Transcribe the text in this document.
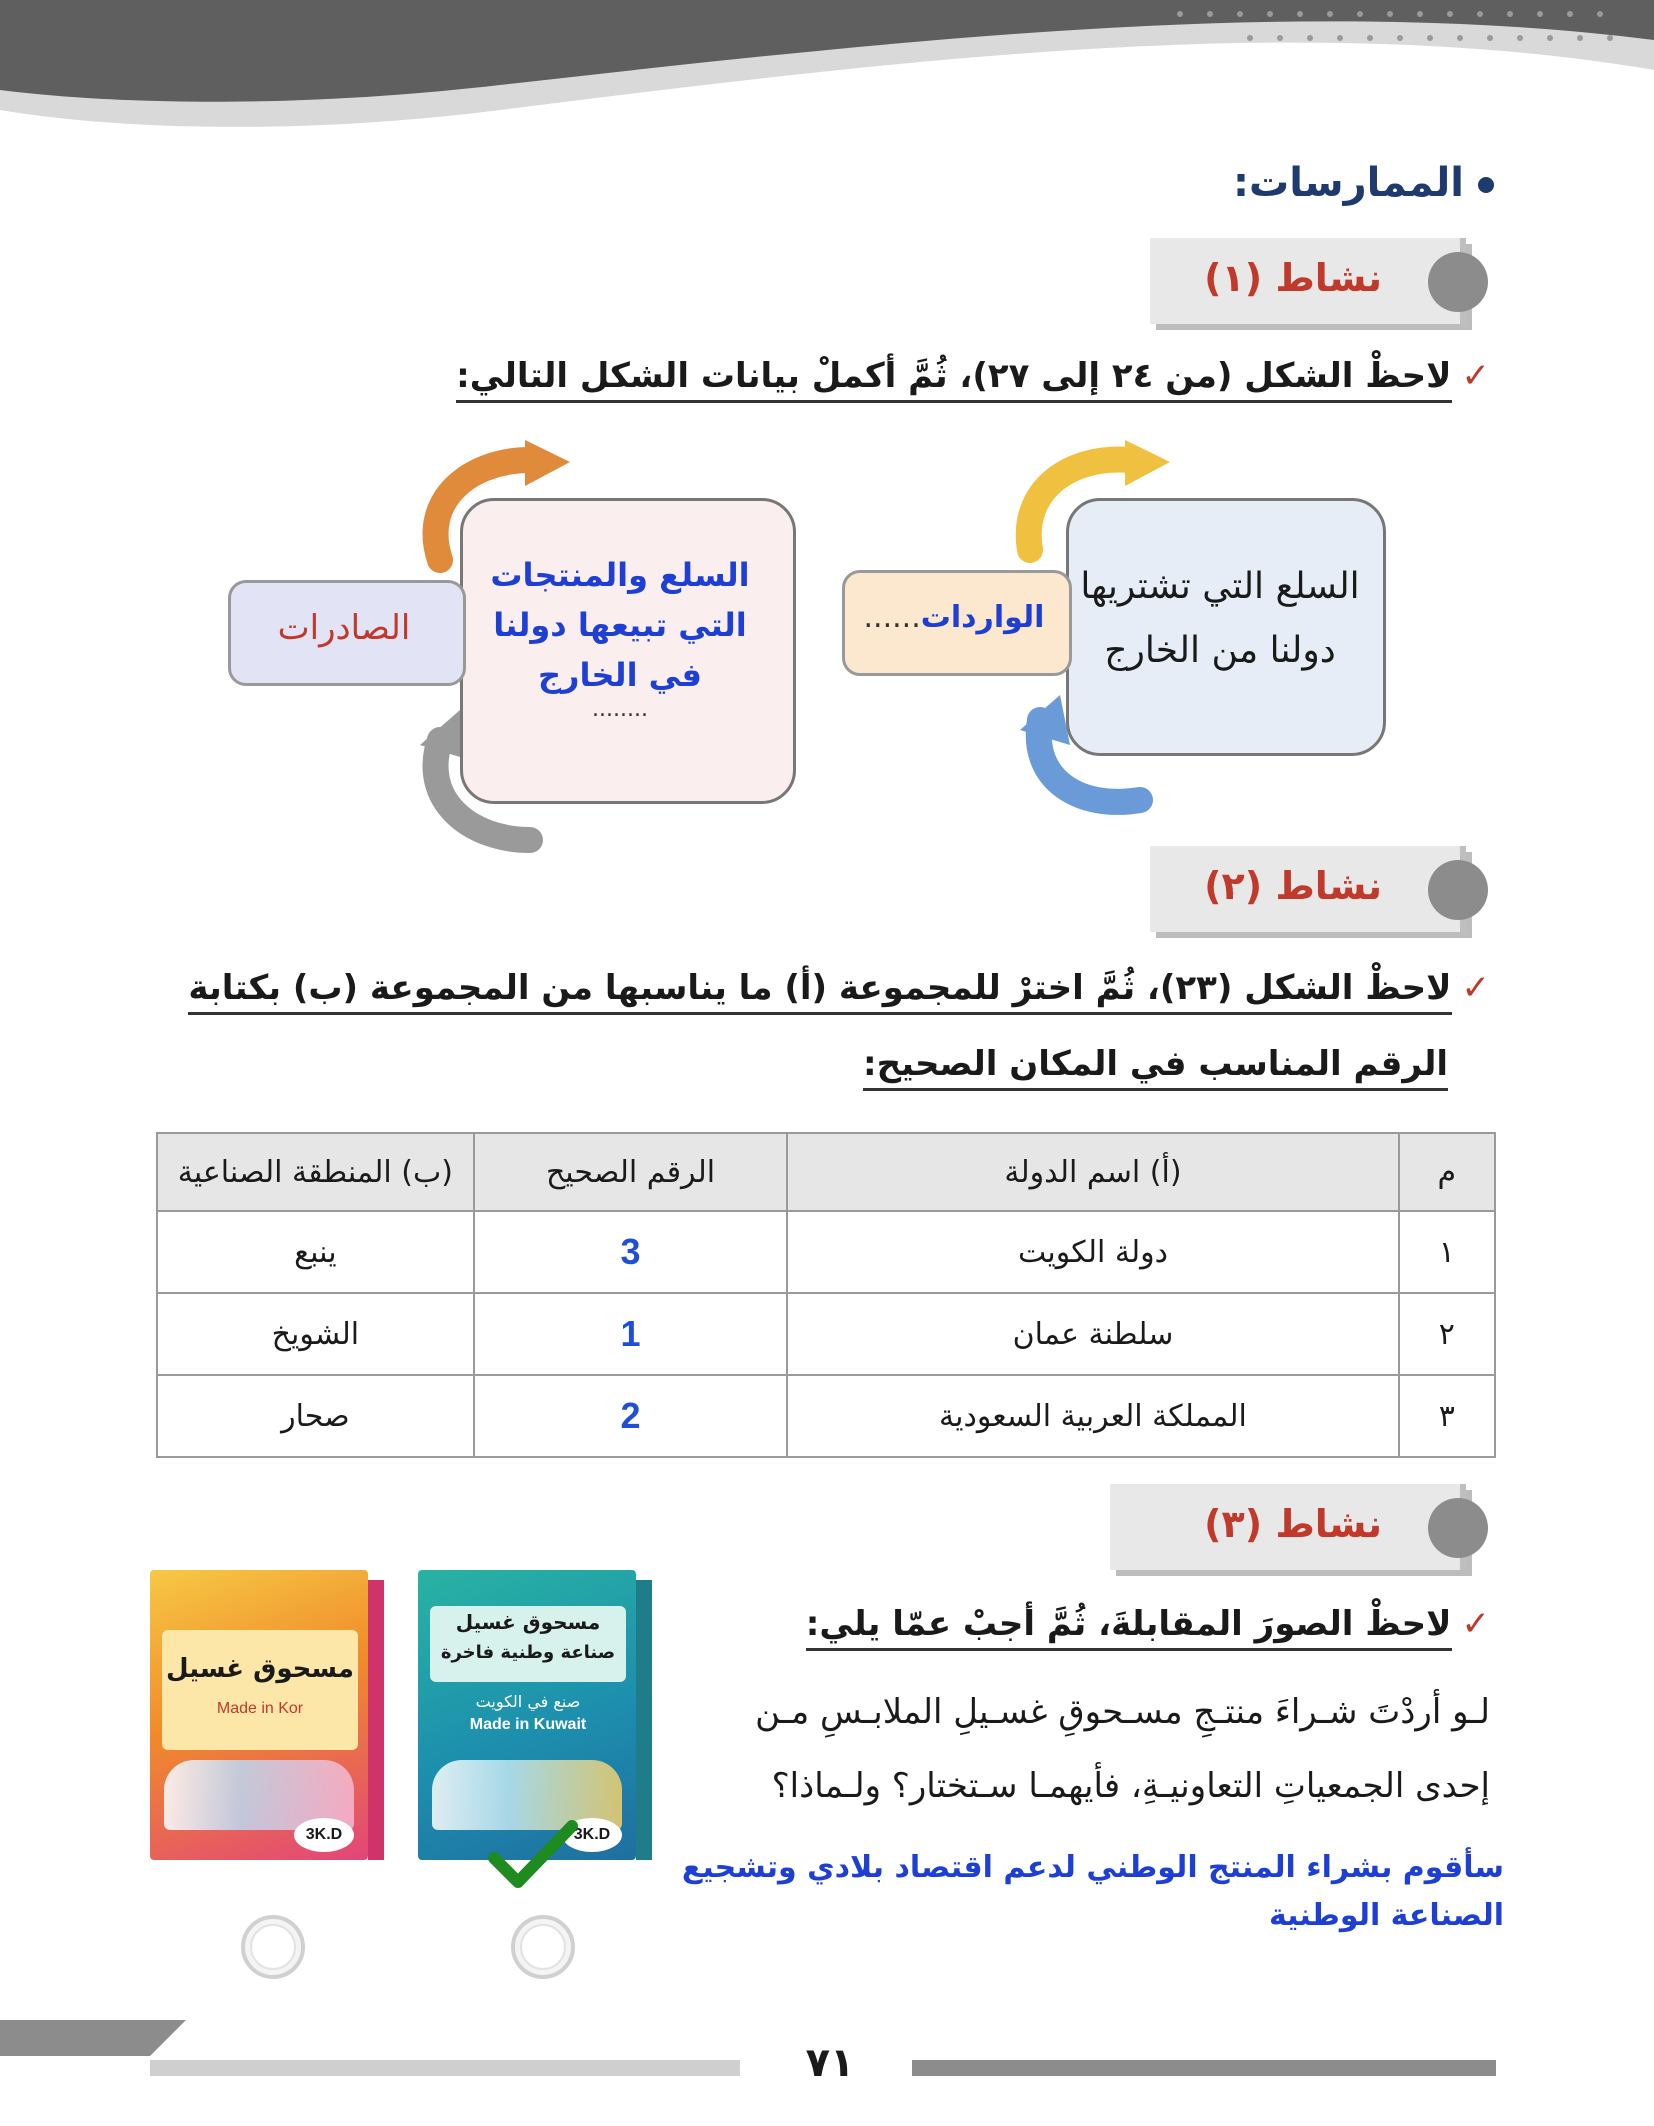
الممارسات:
نشاط (١)
✓لاحظْ الشكل (من ٢٤ إلى ٢٧)، ثُمَّ أكملْ بيانات الشكل التالي:
السلع والمنتجات التي تبيعها دولنا في الخارج
........
الصادرات
السلع التي تشتريها دولنا من الخارج
الواردات......
نشاط (٢)
✓لاحظْ الشكل (٢٣)، ثُمَّ اخترْ للمجموعة (أ) ما يناسبها من المجموعة (ب) بكتابة
الرقم المناسب في المكان الصحيح:
م	(أ) اسم الدولة	الرقم الصحيح	(ب) المنطقة الصناعية
١	دولة الكويت	3	ينبع
٢	سلطنة عمان	1	الشويخ
٣	المملكة العربية السعودية	2	صحار
نشاط (٣)
✓لاحظْ الصورَ المقابلةَ، ثُمَّ أجبْ عمّا يلي:
لـو أردْتَ شـراءَ منتـجِ مسـحوقِ غسـيلِ الملابـسِ مـن
إحدى الجمعياتِ التعاونيـةِ، فأيهمـا سـتختار؟ ولـماذا؟
سأقوم بشراء المنتج الوطني لدعم اقتصاد بلادي وتشجيع
الصناعة الوطنية
مسحوق غسيل
Made in Kor
3K.D
مسحوق غسيل
صناعة وطنية فاخرة
صنع في الكويت
Made in Kuwait
3K.D
٧١
